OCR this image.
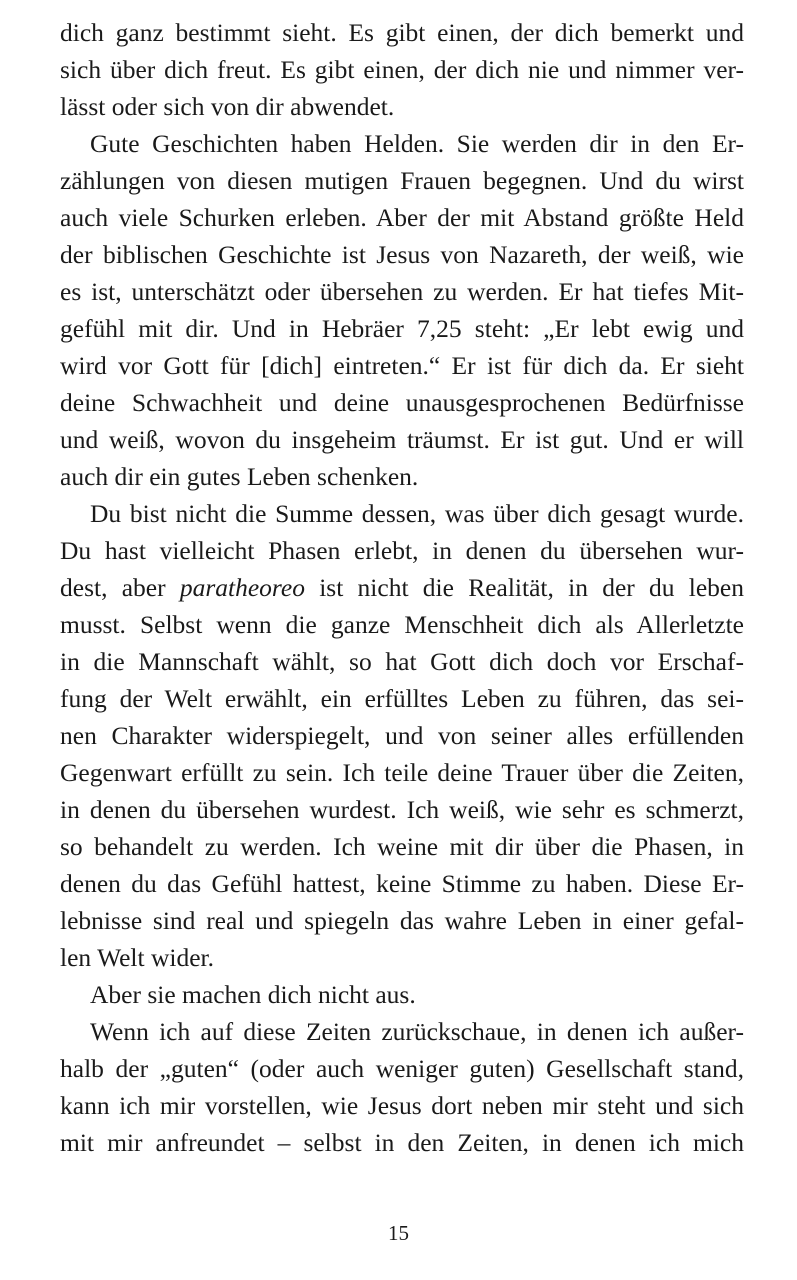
dich ganz bestimmt sieht. Es gibt einen, der dich bemerkt und
sich über dich freut. Es gibt einen, der dich nie und nimmer ver-
lässt oder sich von dir abwendet.
Gute Geschichten haben Helden. Sie werden dir in den Er-
zählungen von diesen mutigen Frauen begegnen. Und du wirst
auch viele Schurken erleben. Aber der mit Abstand größte Held
der biblischen Geschichte ist Jesus von Nazareth, der weiß, wie
es ist, unterschätzt oder übersehen zu werden. Er hat tiefes Mit-
gefühl mit dir. Und in Hebräer 7,25 steht: „Er lebt ewig und
wird vor Gott für [dich] eintreten.“ Er ist für dich da. Er sieht
deine Schwachheit und deine unausgesprochenen Bedürfnisse
und weiß, wovon du insgeheim träumst. Er ist gut. Und er will
auch dir ein gutes Leben schenken.
Du bist nicht die Summe dessen, was über dich gesagt wurde.
Du hast vielleicht Phasen erlebt, in denen du übersehen wur-
dest, aber paratheoreo ist nicht die Realität, in der du leben
musst. Selbst wenn die ganze Menschheit dich als Allerletzte
in die Mannschaft wählt, so hat Gott dich doch vor Erschaf-
fung der Welt erwählt, ein erfülltes Leben zu führen, das sei-
nen Charakter widerspiegelt, und von seiner alles erfüllenden
Gegenwart erfüllt zu sein. Ich teile deine Trauer über die Zeiten,
in denen du übersehen wurdest. Ich weiß, wie sehr es schmerzt,
so behandelt zu werden. Ich weine mit dir über die Phasen, in
denen du das Gefühl hattest, keine Stimme zu haben. Diese Er-
lebnisse sind real und spiegeln das wahre Leben in einer gefal-
len Welt wider.
Aber sie machen dich nicht aus.
Wenn ich auf diese Zeiten zurückschaue, in denen ich außer-
halb der „guten“ (oder auch weniger guten) Gesellschaft stand,
kann ich mir vorstellen, wie Jesus dort neben mir steht und sich
mit mir anfreundet – selbst in den Zeiten, in denen ich mich
15
